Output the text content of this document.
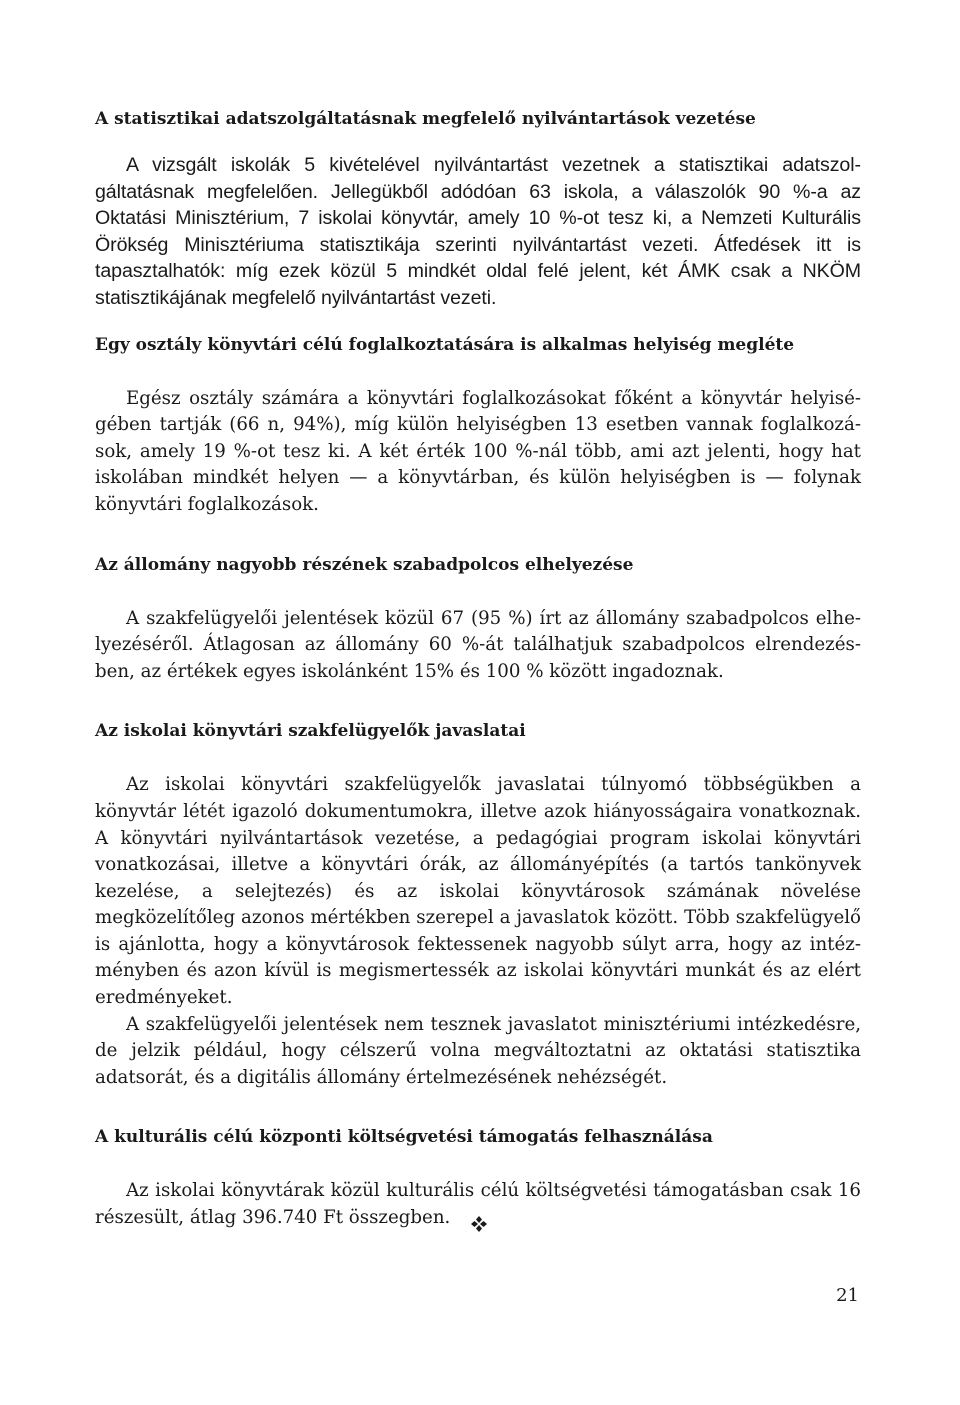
A statisztikai adatszolgáltatásnak megfelelő nyilvántartások vezetése

A vizsgált iskolák 5 kivételével nyilvántartást vezetnek a statisztikai adatszolgáltatásnak megfelelően. Jellegükből adódóan 63 iskola, a válaszolók 90 %-a az Oktatási Minisztérium, 7 iskolai könyvtár, amely 10 %-ot tesz ki, a Nemzeti Kulturális Örökség Minisztériuma statisztikája szerinti nyilvántartást vezeti. Átfedések itt is tapasztalhatók: míg ezek közül 5 mindkét oldal felé jelent, két ÁMK csak a NKÖM statisztikájának megfelelő nyilvántartást vezeti.

Egy osztály könyvtári célú foglalkoztatására is alkalmas helyiség megléte

Egész osztály számára a könyvtári foglalkozásokat főként a könyvtár helyiségében tartják (66 n, 94%), míg külön helyiségben 13 esetben vannak foglalkozások, amely 19 %-ot tesz ki. A két érték 100 %-nál több, ami azt jelenti, hogy hat iskolában mindkét helyen — a könyvtárban, és külön helyiségben is — folynak könyvtári foglalkozások.

Az állomány nagyobb részének szabadpolcos elhelyezése

A szakfelügyelői jelentések közül 67 (95 %) írt az állomány szabadpolcos elhelyezéséről. Átlagosan az állomány 60 %-át találhatjuk szabadpolcos elrendezésben, az értékek egyes iskolánként 15% és 100 % között ingadoznak.

Az iskolai könyvtári szakfelügyelők javaslatai

Az iskolai könyvtári szakfelügyelők javaslatai túlnyomó többségükben a könyvtár létét igazoló dokumentumokra, illetve azok hiányosságaira vonatkoznak. A könyvtári nyilvántartások vezetése, a pedagógiai program iskolai könyvtári vonatkozásai, illetve a könyvtári órák, az állományépítés (a tartós tankönyvek kezelése, a selejtezés) és az iskolai könyvtárosok számának növelése megközelítőleg azonos mértékben szerepel a javaslatok között. Több szakfelügyelő is ajánlotta, hogy a könyvtárosok fektessenek nagyobb súlyt arra, hogy az intézményben és azon kívül is megismertessék az iskolai könyvtári munkát és az elért eredményeket.

A szakfelügyelői jelentések nem tesznek javaslatot minisztériumi intézkedésre, de jelzik például, hogy célszerű volna megváltoztatni az oktatási statisztika adatsorát, és a digitális állomány értelmezésének nehézségét.

A kulturális célú központi költségvetési támogatás felhasználása

Az iskolai könyvtárak közül kulturális célú költségvetési támogatásban csak 16 részesült, átlag 396.740 Ft összegben.

21
